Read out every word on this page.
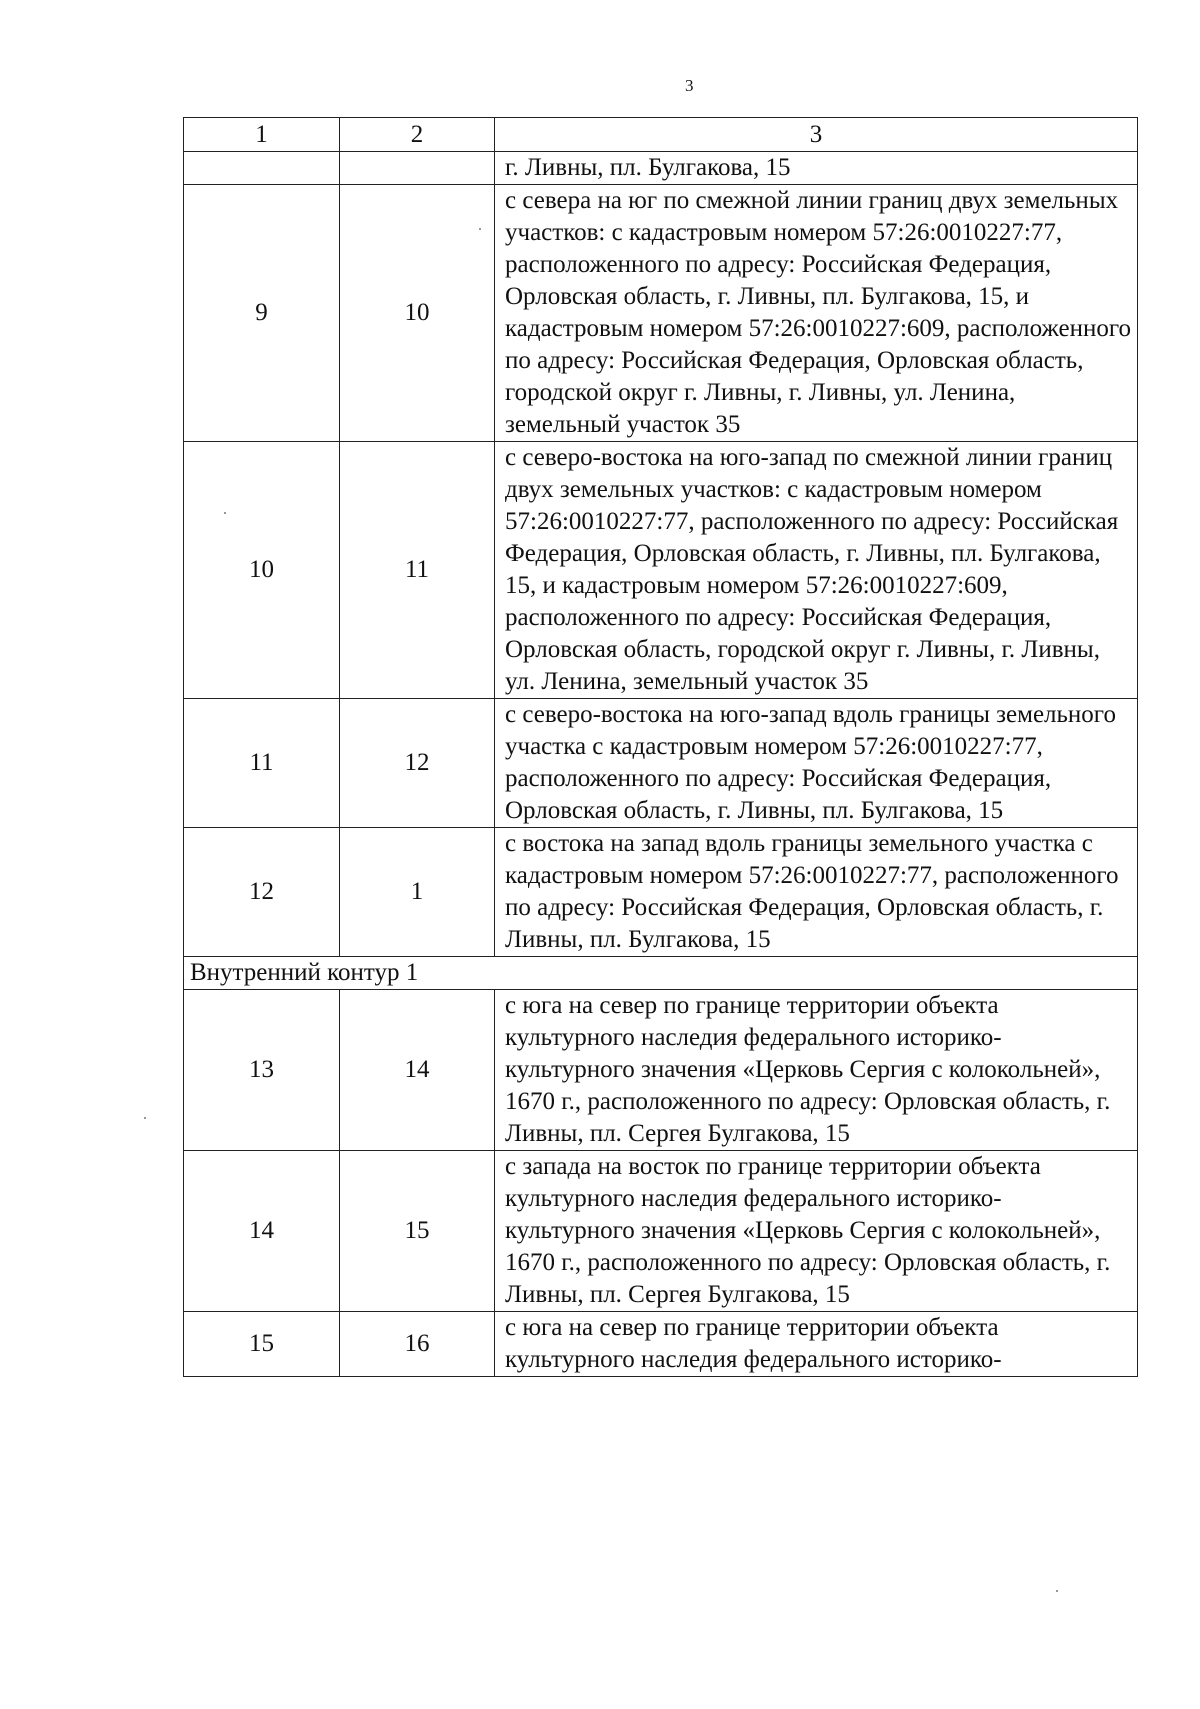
3
1	2	3
		г. Ливны, пл. Булгакова, 15
9	10	с севера на юг по смежной линии границ двух земельных участков: с кадастровым номером 57:26:0010227:77, расположенного по адресу: Российская Федерация, Орловская область, г. Ливны, пл. Булгакова, 15, и кадастровым номером 57:26:0010227:609, расположенного по адресу: Российская Федерация, Орловская область, городской округ г. Ливны, г. Ливны, ул. Ленина, земельный участок 35
10	11	с северо-востока на юго-запад по смежной линии границ двух земельных участков: с кадастровым номером 57:26:0010227:77, расположенного по адресу: Российская Федерация, Орловская область, г. Ливны, пл. Булгакова, 15, и кадастровым номером 57:26:0010227:609, расположенного по адресу: Российская Федерация, Орловская область, городской округ г. Ливны, г. Ливны, ул. Ленина, земельный участок 35
11	12	с северо-востока на юго-запад вдоль границы земельного участка с кадастровым номером 57:26:0010227:77, расположенного по адресу: Российская Федерация, Орловская область, г. Ливны, пл. Булгакова, 15
12	1	с востока на запад вдоль границы земельного участка с кадастровым номером 57:26:0010227:77, расположенного по адресу: Российская Федерация, Орловская область, г. Ливны, пл. Булгакова, 15
Внутренний контур 1		
13	14	с юга на север по границе территории объекта культурного наследия федерального историко-культурного значения «Церковь Сергия с колокольней», 1670 г., расположенного по адресу: Орловская область, г. Ливны, пл. Сергея Булгакова, 15
14	15	с запада на восток по границе территории объекта культурного наследия федерального историко-культурного значения «Церковь Сергия с колокольней», 1670 г., расположенного по адресу: Орловская область, г. Ливны, пл. Сергея Булгакова, 15
15	16	с юга на север по границе территории объекта культурного наследия федерального историко-
